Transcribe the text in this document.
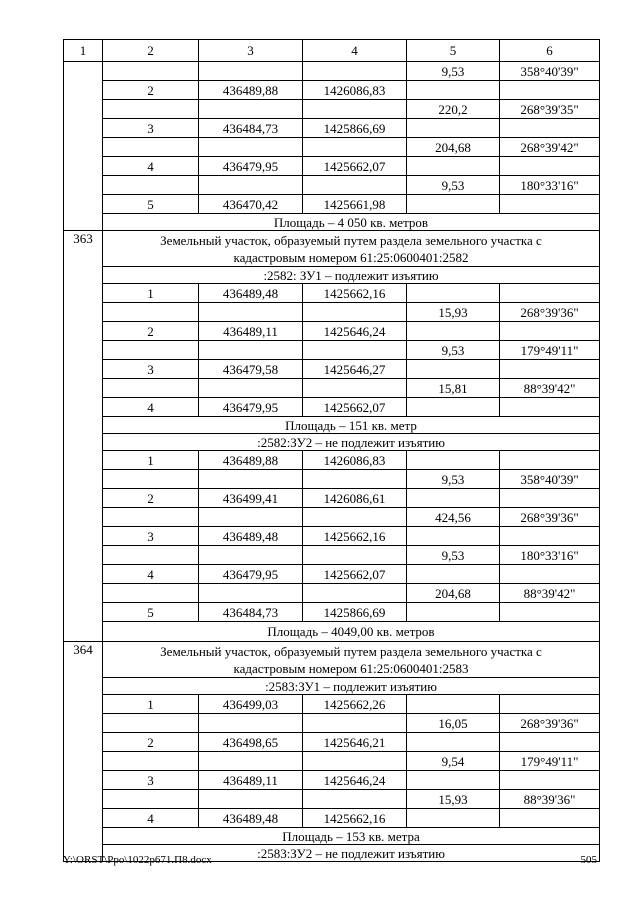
1	2	3	4	5	6
				9,53	358°40'39"
	2	436489,88	1426086,83		
				220,2	268°39'35"
	3	436484,73	1425866,69		
				204,68	268°39'42"
	4	436479,95	1425662,07		
				9,53	180°33'16"
	5	436470,42	1425661,98		
	Площадь – 4 050 кв. метров				
363	Земельный участок, образуемый путем раздела земельного участка с
кадастровым номером 61:25:0600401:2582				
	:2582: ЗУ1 – подлежит изъятию				
	1	436489,48	1425662,16		
				15,93	268°39'36"
	2	436489,11	1425646,24		
				9,53	179°49'11"
	3	436479,58	1425646,27		
				15,81	88°39'42"
	4	436479,95	1425662,07		
	Площадь – 151 кв. метр				
	:2582:ЗУ2 – не подлежит изъятию				
	1	436489,88	1426086,83		
				9,53	358°40'39"
	2	436499,41	1426086,61		
				424,56	268°39'36"
	3	436489,48	1425662,16		
				9,53	180°33'16"
	4	436479,95	1425662,07		
				204,68	88°39'42"
	5	436484,73	1425866,69		
	Площадь – 4049,00 кв. метров				
364	Земельный участок, образуемый путем раздела земельного участка с
кадастровым номером 61:25:0600401:2583				
	:2583:ЗУ1 – подлежит изъятию				
	1	436499,03	1425662,26		
				16,05	268°39'36"
	2	436498,65	1425646,21		
				9,54	179°49'11"
	3	436489,11	1425646,24		
				15,93	88°39'36"
	4	436489,48	1425662,16		
	Площадь – 153 кв. метра				
	:2583:ЗУ2 – не подлежит изъятию				
Y:\ORST\Ppo\1022p671.П8.docx	505
